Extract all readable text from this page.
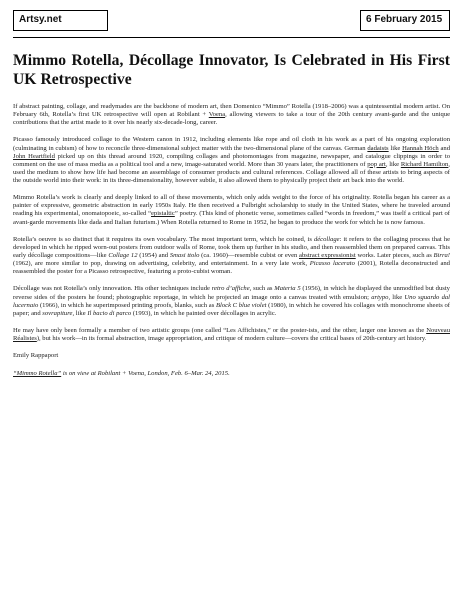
Artsy.net	6 February 2015
Mimmo Rotella, Décollage Innovator, Is Celebrated in His First UK Retrospective

If abstract painting, collage, and readymades are the backbone of modern art, then Domenico “Mimmo” Rotella (1918–2006) was a quintessential modern artist. On February 6th, Rotella’s first UK retrospective will open at Robilant + Voena, allowing viewers to take a tour of the 20th century avant-garde and the unique contributions that the artist made to it over his nearly six-decade-long, career.

Picasso famously introduced collage to the Western canon in 1912, including elements like rope and oil cloth in his work as a part of his ongoing exploration (culminating in cubism) of how to reconcile three-dimensional subject matter with the two-dimensional plane of the canvas. German dadaists like Hannah Höch and John Heartfield picked up on this thread around 1920, compiling collages and photomontages from magazine, newspaper, and catalogue clippings in order to comment on the use of mass media as a political tool and a new, image-saturated world. More than 30 years later, the practitioners of pop art, like Richard Hamilton, used the medium to show how life had become an assemblage of consumer products and cultural references. Collage allowed all of these artists to bring aspects of the outside world into their work: in its three-dimensionality, however subtle, it also allowed them to physically project their art back into the world.

Mimmo Rotella’s work is clearly and deeply linked to all of these movements, which only adds weight to the force of his originality. Rotella began his career as a painter of expressive, geometric abstraction in early 1950s Italy. He then received a Fulbright scholarship to study in the United States, where he traveled around reading his experimental, onomatopoeic, so-called “epistaltic” poetry. (This kind of phonetic verse, sometimes called “words in freedom,” was itself a critical part of avant-garde movements like dada and Italian futurism.) When Rotella returned to Rome in 1952, he began to produce the work for which he is now famous.

Rotella’s oeuvre is so distinct that it requires its own vocabulary. The most important term, which he coined, is décollage: it refers to the collaging process that he developed in which he ripped worn-out posters from outdoor walls of Rome, took them up further in his studio, and then reassembled them on prepared canvas. This early décollage compositions—like Collage 12 (1954) and Smasi ttolo (ca. 1960)—resemble cubist or even abstract expressionist works. Later pieces, such as Birra! (1962), are more similar to pop, drawing on advertising, celebrity, and entertainment. In a very late work, Picasso lacerato (2001), Rotella deconstructed and reassembled the poster for a Picasso retrospective, featuring a proto-cubist woman.

Décollage was not Rotella’s only innovation. His other techniques include retro d’affiche, such as Materia 5 (1956), in which he displayed the unmodified but dusty reverse sides of the posters he found; photographic reportage, in which he projected an image onto a canvas treated with emulsion; artypo, like Uno sguardo dal lucernaio (1966), in which he superimposed printing proofs, blanks, such as Block C blue violet (1980), in which he covered his collages with monochrome sheets of paper; and sovrapiture, like Il bacio di parco (1993), in which he painted over décollages in acrylic.

He may have only been formally a member of two artistic groups (one called “Les Affichistes,” or the poster-ists, and the other, larger one known as the Nouveau Réalistes), but his work—in its formal abstraction, image appropriation, and critique of modern culture—covers the critical bases of 20th-century art history.

Emily Rappaport

“Mimmo Rotella” is on view at Robilant + Voena, London, Feb. 6–Mar. 24, 2015.
